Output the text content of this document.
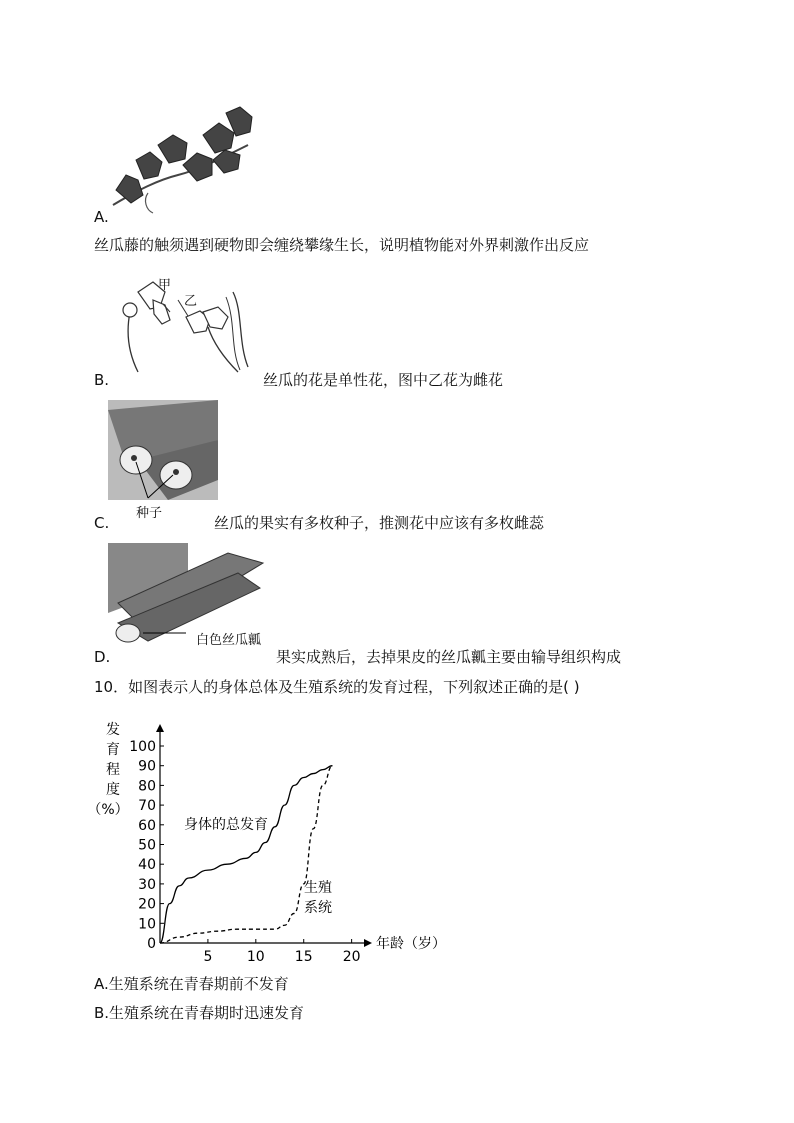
A.
丝瓜藤的触须遇到硬物即会缠绕攀缘生长，说明植物能对外界刺激作出反应
甲
乙
B.	丝瓜的花是单性花，图中乙花为雌花
种子
C.	丝瓜的果实有多枚种子，推测花中应该有多枚雌蕊
白色丝瓜瓤
D.	果实成熟后，去掉果皮的丝瓜瓤主要由输导组织构成
10．如图表示人的身体总体及生殖系统的发育过程，下列叙述正确的是( )
10
20
30
40
50
60
70
80
90
100
0
5 10 15 20
发
育
程
度
（%）
年龄（岁）
身体的总发育
生殖
系统
A.生殖系统在青春期前不发育
B.生殖系统在青春期时迅速发育
